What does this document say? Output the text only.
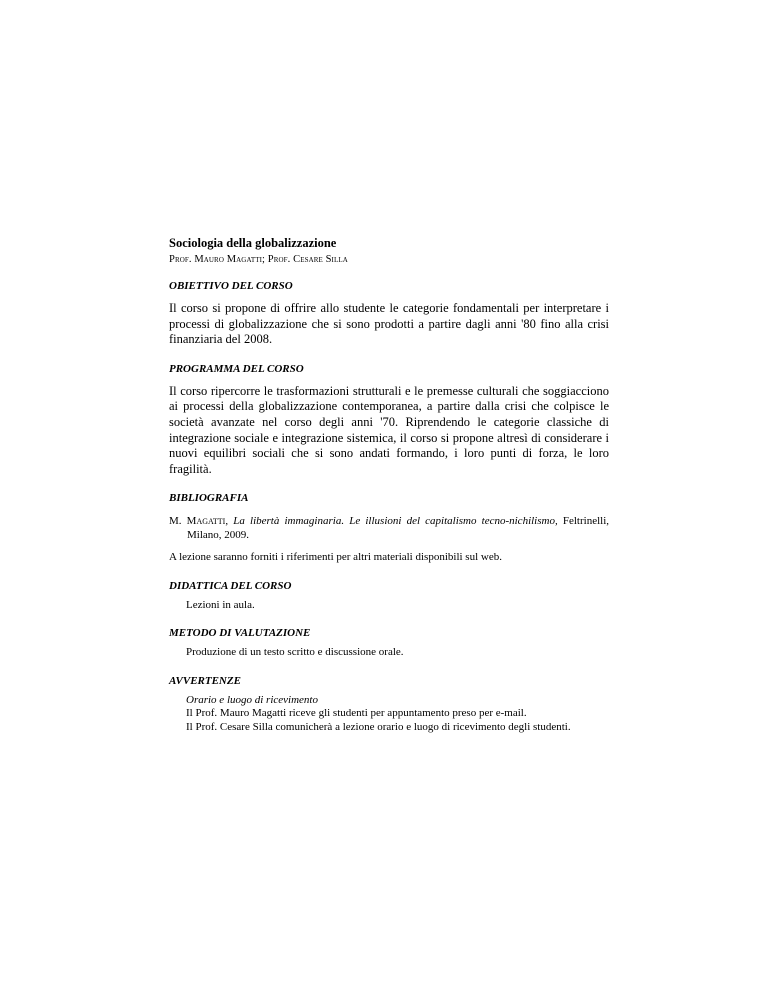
Sociologia della globalizzazione

Prof. Mauro Magatti; Prof. Cesare Silla

OBIETTIVO DEL CORSO

Il corso si propone di offrire allo studente le categorie fondamentali per interpretare i processi di globalizzazione che si sono prodotti a partire dagli anni '80 fino alla crisi finanziaria del 2008.

PROGRAMMA DEL CORSO

Il corso ripercorre le trasformazioni strutturali e le premesse culturali che soggiacciono ai processi della globalizzazione contemporanea, a partire dalla crisi che colpisce le società avanzate nel corso degli anni '70. Riprendendo le categorie classiche di integrazione sociale e integrazione sistemica, il corso si propone altresì di considerare i nuovi equilibri sociali che si sono andati formando, i loro punti di forza, le loro fragilità.

BIBLIOGRAFIA

M. Magatti, La libertà immaginaria. Le illusioni del capitalismo tecno-nichilismo, Feltrinelli, Milano, 2009.

A lezione saranno forniti i riferimenti per altri materiali disponibili sul web.

DIDATTICA DEL CORSO

Lezioni in aula.

METODO DI VALUTAZIONE

Produzione di un testo scritto e discussione orale.

AVVERTENZE

Orario e luogo di ricevimento

Il Prof. Mauro Magatti riceve gli studenti per appuntamento preso per e-mail.

Il Prof. Cesare Silla comunicherà a lezione orario e luogo di ricevimento degli studenti.
